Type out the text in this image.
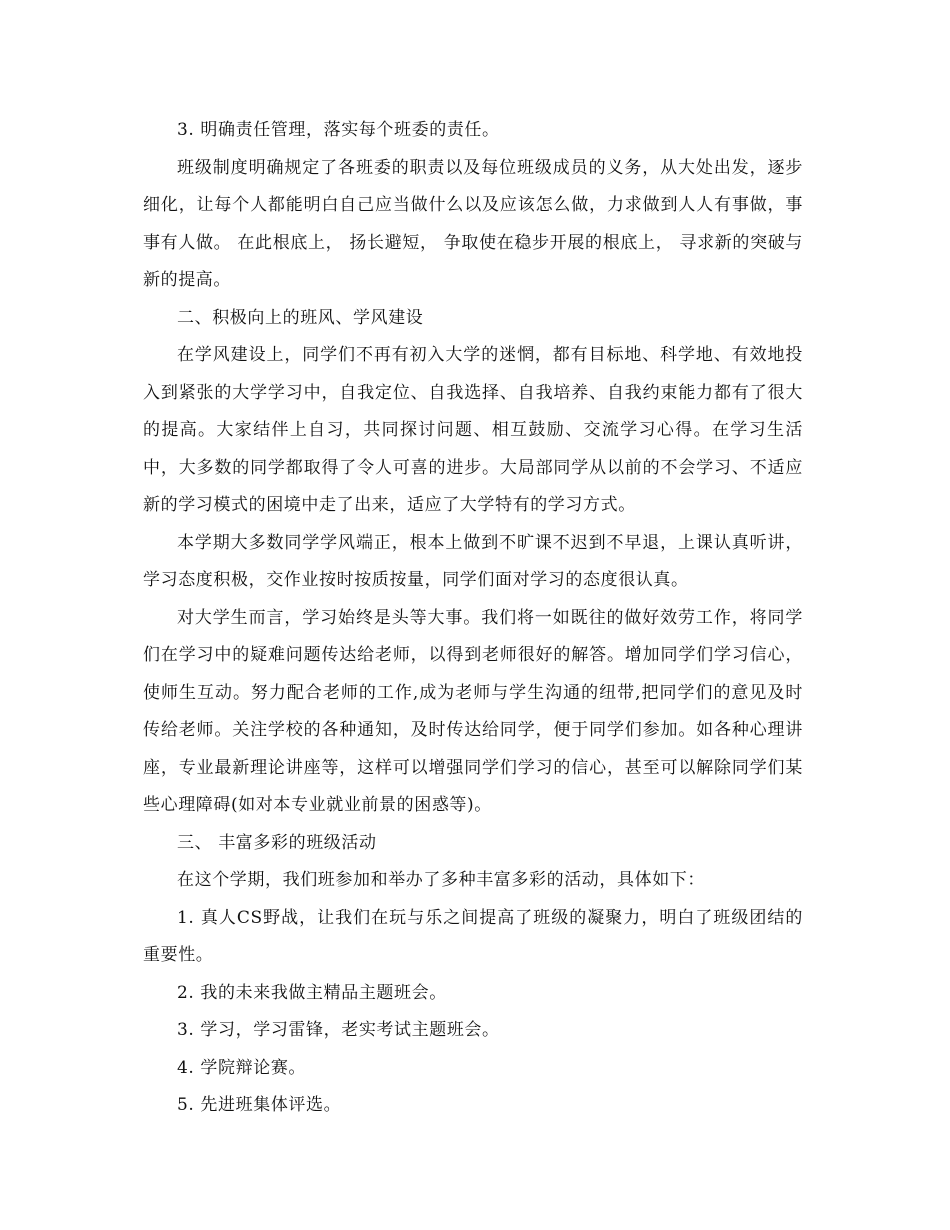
3. 明确责任管理，落实每个班委的责任。

班级制度明确规定了各班委的职责以及每位班级成员的义务，从大处出发，逐步细化，让每个人都能明白自己应当做什么以及应该怎么做，力求做到人人有事做，事事有人做。 在此根底上， 扬长避短， 争取使在稳步开展的根底上， 寻求新的突破与新的提高。

二、积极向上的班风、学风建设

在学风建设上，同学们不再有初入大学的迷惘，都有目标地、科学地、有效地投入到紧张的大学学习中，自我定位、自我选择、自我培养、自我约束能力都有了很大的提高。大家结伴上自习，共同探讨问题、相互鼓励、交流学习心得。在学习生活中，大多数的同学都取得了令人可喜的进步。大局部同学从以前的不会学习、不适应新的学习模式的困境中走了出来，适应了大学特有的学习方式。

本学期大多数同学学风端正，根本上做到不旷课不迟到不早退，上课认真听讲，学习态度积极，交作业按时按质按量，同学们面对学习的态度很认真。

对大学生而言，学习始终是头等大事。我们将一如既往的做好效劳工作，将同学们在学习中的疑难问题传达给老师，以得到老师很好的解答。增加同学们学习信心，使师生互动。努力配合老师的工作,成为老师与学生沟通的纽带,把同学们的意见及时传给老师。关注学校的各种通知，及时传达给同学，便于同学们参加。如各种心理讲座，专业最新理论讲座等，这样可以增强同学们学习的信心，甚至可以解除同学们某些心理障碍(如对本专业就业前景的困惑等)。

三、 丰富多彩的班级活动

在这个学期，我们班参加和举办了多种丰富多彩的活动，具体如下：

1. 真人CS野战，让我们在玩与乐之间提高了班级的凝聚力，明白了班级团结的重要性。

2. 我的未来我做主精品主题班会。

3. 学习，学习雷锋，老实考试主题班会。

4. 学院辩论赛。

5. 先进班集体评选。
